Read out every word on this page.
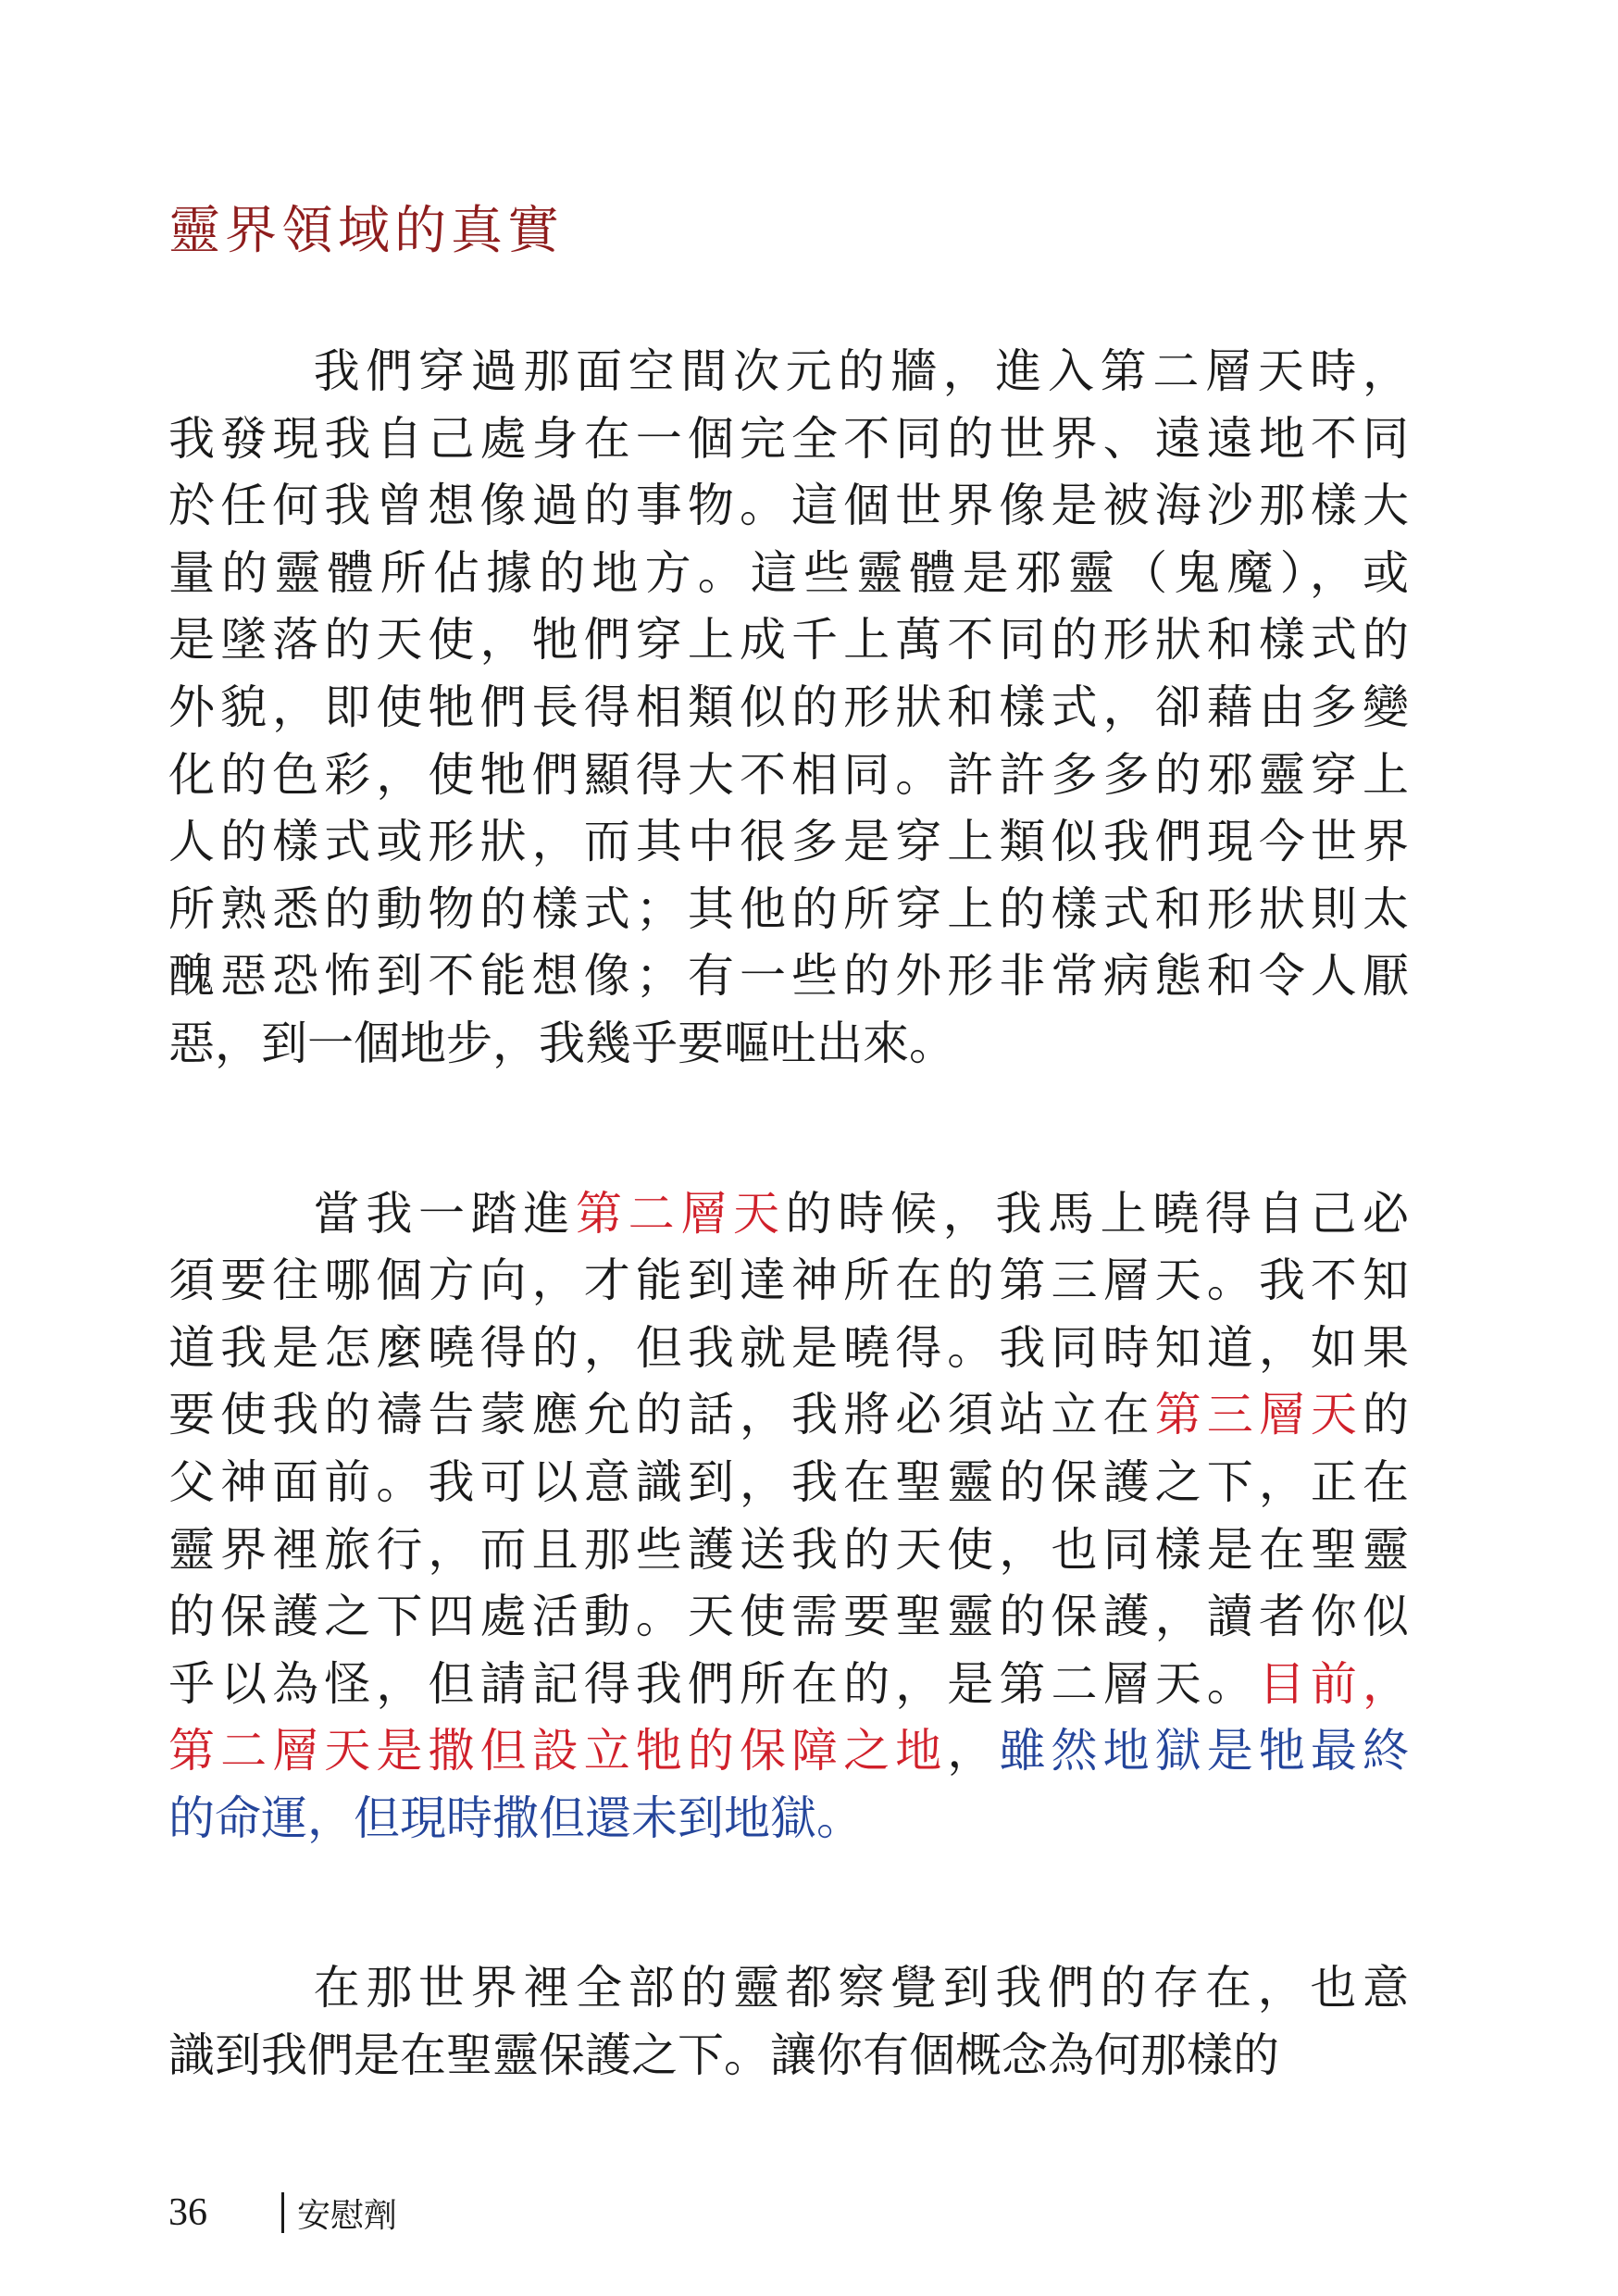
靈界領域的真實
我們穿過那面空間次元的牆，進入第二層天時，
我發現我自己處身在一個完全不同的世界、遠遠地不同
於任何我曾想像過的事物。這個世界像是被海沙那樣大
量的靈體所佔據的地方。這些靈體是邪靈（鬼魔），或
是墜落的天使，牠們穿上成千上萬不同的形狀和樣式的
外貌，即使牠們長得相類似的形狀和樣式，卻藉由多變
化的色彩，使牠們顯得大不相同。許許多多的邪靈穿上
人的樣式或形狀，而其中很多是穿上類似我們現今世界
所熟悉的動物的樣式；其他的所穿上的樣式和形狀則太
醜惡恐怖到不能想像；有一些的外形非常病態和令人厭
惡，到一個地步，我幾乎要嘔吐出來。
當我一踏進第二層天的時候，我馬上曉得自己必
須要往哪個方向，才能到達神所在的第三層天。我不知
道我是怎麼曉得的，但我就是曉得。我同時知道，如果
要使我的禱告蒙應允的話，我將必須站立在第三層天的
父神面前。我可以意識到，我在聖靈的保護之下，正在
靈界裡旅行，而且那些護送我的天使，也同樣是在聖靈
的保護之下四處活動。天使需要聖靈的保護，讀者你似
乎以為怪，但請記得我們所在的，是第二層天。目前，
第二層天是撒但設立牠的保障之地，雖然地獄是牠最終
的命運，但現時撒但還未到地獄。
在那世界裡全部的靈都察覺到我們的存在，也意
識到我們是在聖靈保護之下。讓你有個概念為何那樣的
36	安慰劑
